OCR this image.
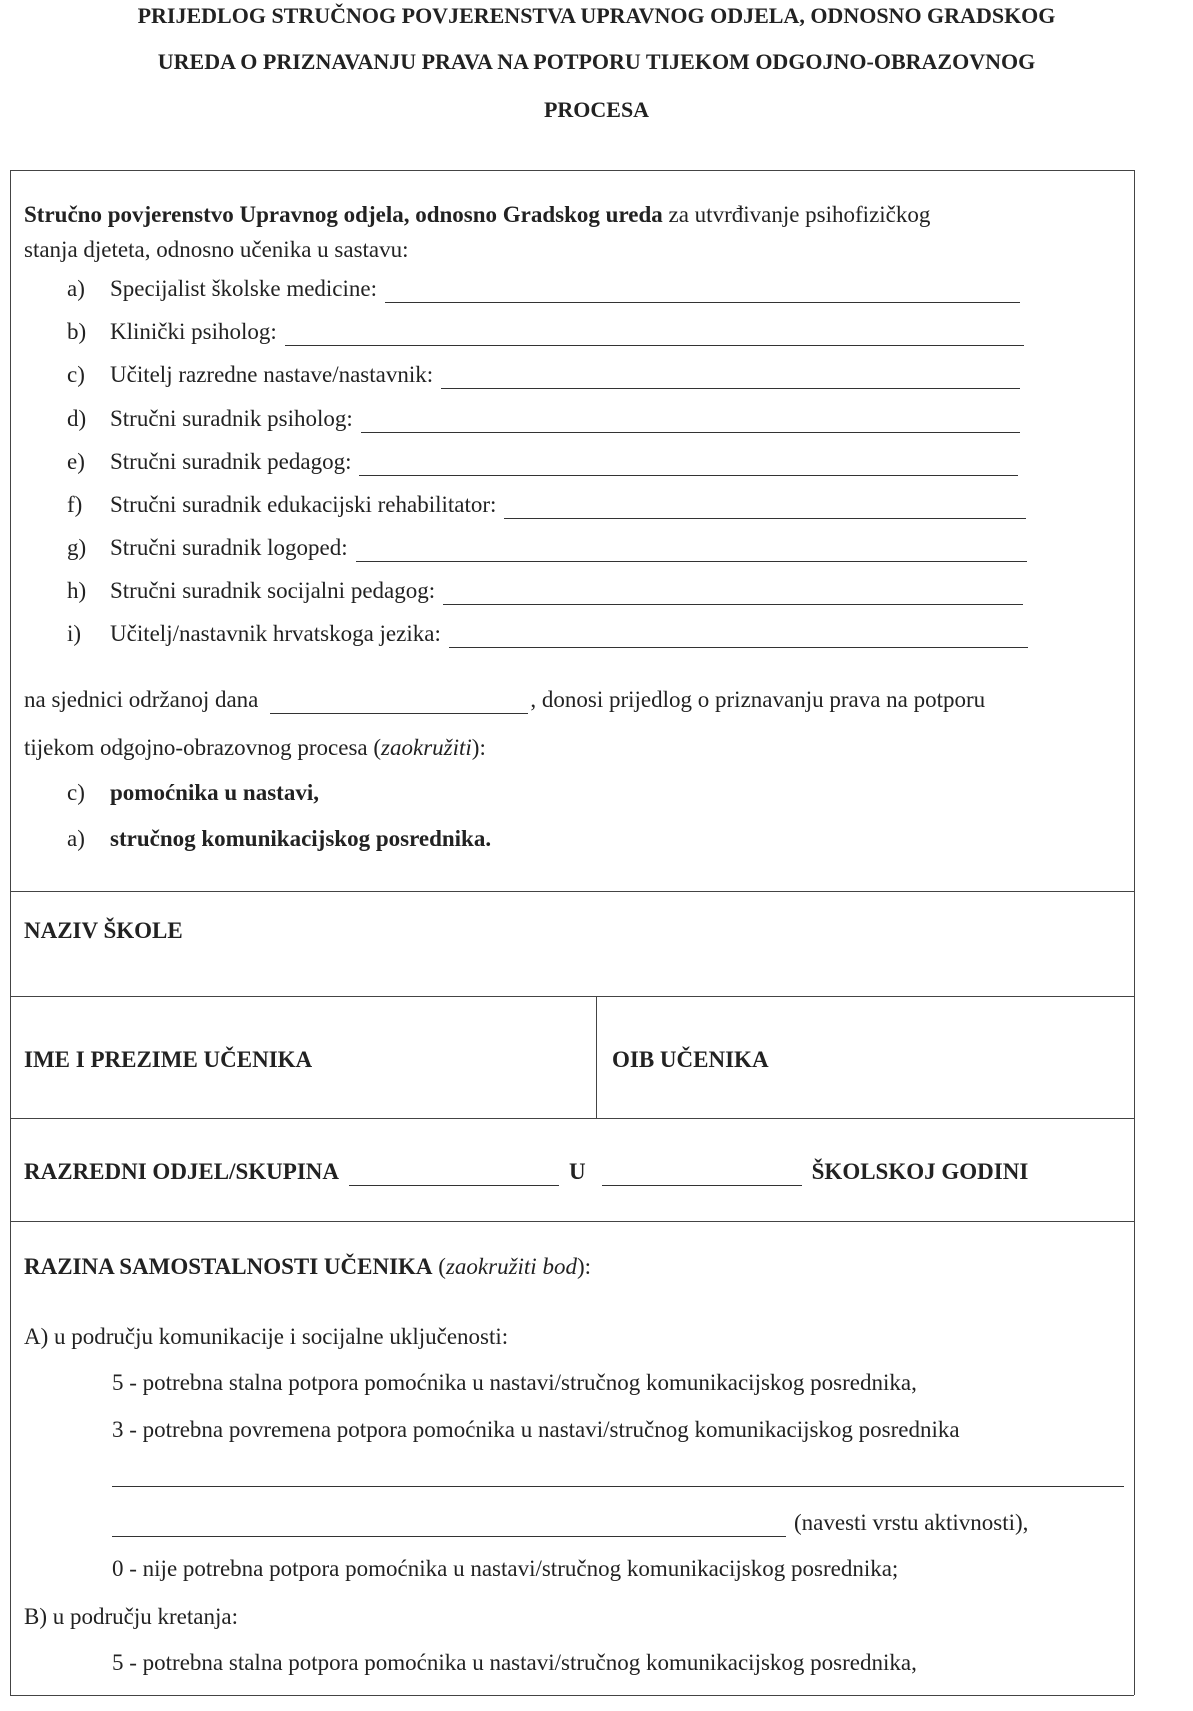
PRIJEDLOG STRUČNOG POVJERENSTVA UPRAVNOG ODJELA, ODNOSNO GRADSKOG
UREDA O PRIZNAVANJU PRAVA NA POTPORU TIJEKOM ODGOJNO-OBRAZOVNOG
PROCESA
Stručno povjerenstvo Upravnog odjela, odnosno Gradskog ureda za utvrđivanje psihofizičkog
stanja djeteta, odnosno učenika u sastavu:
a)	Specijalist školske medicine:
b)	Klinički psiholog:
c)	Učitelj razredne nastave/nastavnik:
d)	Stručni suradnik psiholog:
e)	Stručni suradnik pedagog:
f)	Stručni suradnik edukacijski rehabilitator:
g)	Stručni suradnik logoped:
h)	Stručni suradnik socijalni pedagog:
i)	Učitelj/nastavnik hrvatskoga jezika:
na sjednici održanoj dana	, donosi prijedlog o priznavanju prava na potporu
tijekom odgojno-obrazovnog procesa (zaokružiti):
c) pomoćnika u nastavi,
a) stručnog komunikacijskog posrednika.
NAZIV ŠKOLE
IME I PREZIME UČENIKA	OIB UČENIKA
RAZREDNI ODJEL/SKUPINA	U	ŠKOLSKOJ GODINI
RAZINA SAMOSTALNOSTI UČENIKA (zaokružiti bod):
A) u području komunikacije i socijalne uključenosti:
5 - potrebna stalna potpora pomoćnika u nastavi/stručnog komunikacijskog posrednika,
3 - potrebna povremena potpora pomoćnika u nastavi/stručnog komunikacijskog posrednika
(navesti vrstu aktivnosti),
0 - nije potrebna potpora pomoćnika u nastavi/stručnog komunikacijskog posrednika;
B) u području kretanja:
5 - potrebna stalna potpora pomoćnika u nastavi/stručnog komunikacijskog posrednika,
